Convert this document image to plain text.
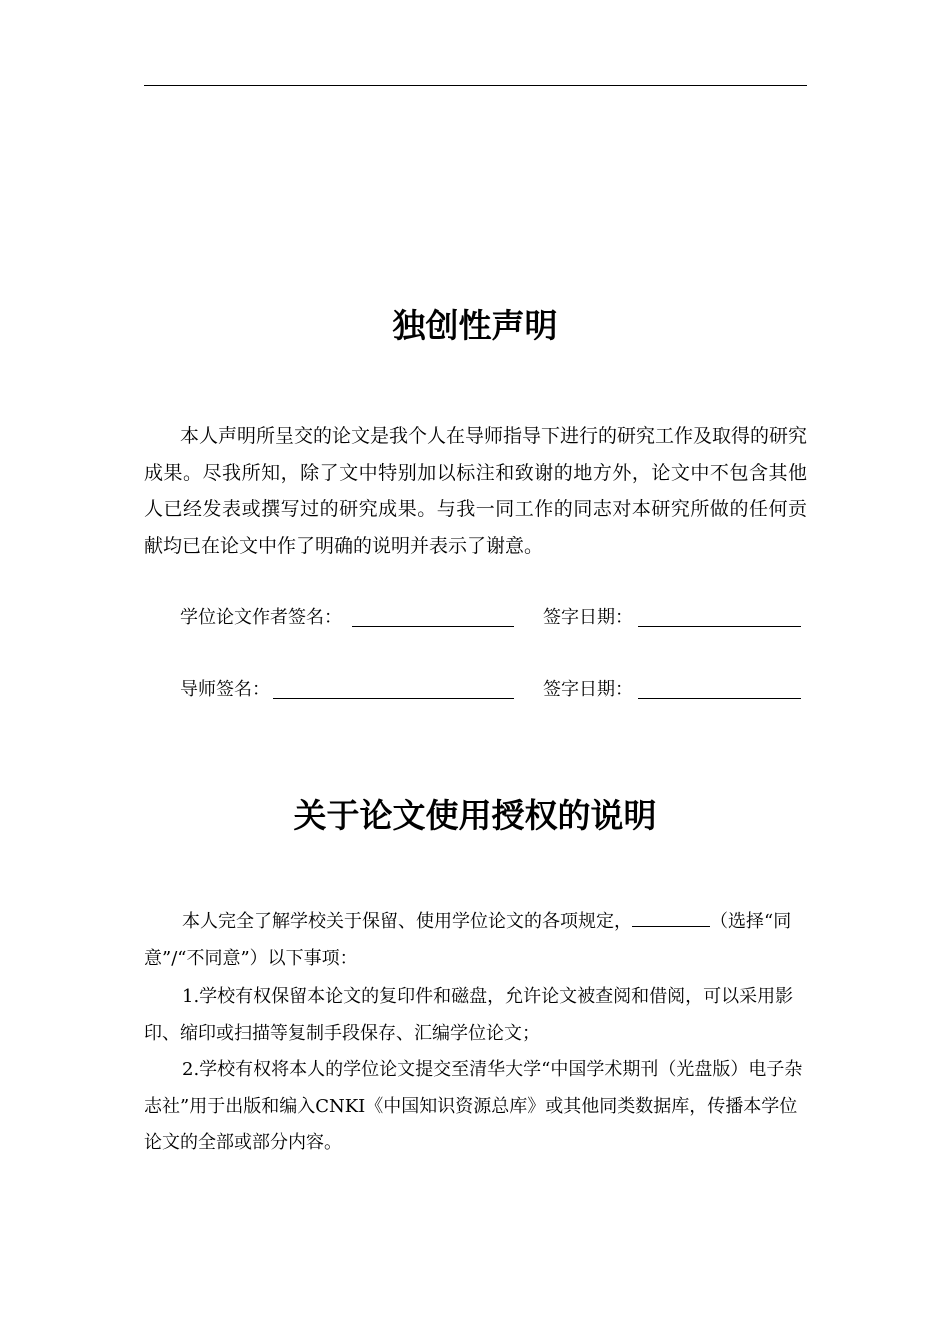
独创性声明

本人声明所呈交的论文是我个人在导师指导下进行的研究工作及取得的研究成果。尽我所知，除了文中特别加以标注和致谢的地方外，论文中不包含其他人已经发表或撰写过的研究成果。与我一同工作的同志对本研究所做的任何贡献均已在论文中作了明确的说明并表示了谢意。

学位论文作者签名：	签字日期：
导师签名：	签字日期：
关于论文使用授权的说明

本人完全了解学校关于保留、使用学位论文的各项规定，	（选择“同意”/“不同意”）以下事项：

1.学校有权保留本论文的复印件和磁盘，允许论文被查阅和借阅，可以采用影印、缩印或扫描等复制手段保存、汇编学位论文；

2.学校有权将本人的学位论文提交至清华大学“中国学术期刊（光盘版）电子杂志社”用于出版和编入CNKI《中国知识资源总库》或其他同类数据库，传播本学位论文的全部或部分内容。
